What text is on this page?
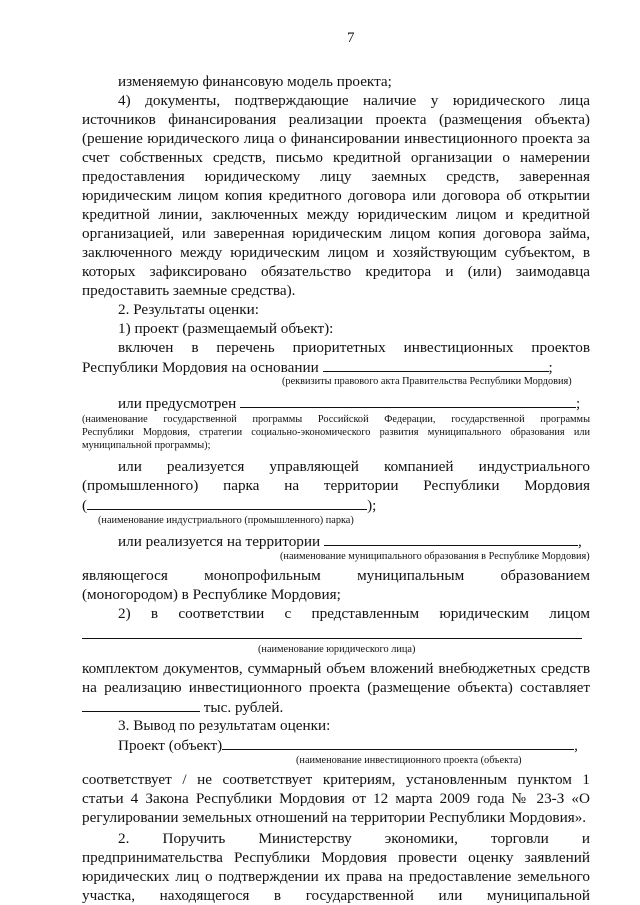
7
изменяемую финансовую модель проекта;
4) документы, подтверждающие наличие у юридического лица
источников финансирования реализации проекта (размещения объекта)
(решение юридического лица о финансировании инвестиционного проекта за
счет собственных средств, письмо кредитной организации о намерении
предоставления юридическому лицу заемных средств, заверенная
юридическим лицом копия кредитного договора или договора об открытии
кредитной линии, заключенных между юридическим лицом и кредитной
организацией, или заверенная юридическим лицом копия договора займа,
заключенного между юридическим лицом и хозяйствующим субъектом, в
которых зафиксировано обязательство кредитора и (или) заимодавца
предоставить заемные средства).
2. Результаты оценки:
1) проект (размещаемый объект):
включен в перечень приоритетных инвестиционных проектов
Республики Мордовия на основании	;
(реквизиты правового акта Правительства Республики Мордовия)
или предусмотрен	;
(наименование государственной программы Российской Федерации, государственной программы
Республики Мордовия, стратегии социально-экономического развития муниципального образования или
муниципальной программы);
или реализуется управляющей компанией индустриального
(промышленного) парка на территории Республики Мордовия
(	);
(наименование индустриального (промышленного) парка)
или реализуется на территории	,
(наименование муниципального образования в Республике Мордовия)
являющегося монопрофильным муниципальным образованием
(моногородом) в Республике Мордовия;
2) в соответствии с представленным юридическим лицом
(наименование юридического лица)
комплектом документов, суммарный объем вложений внебюджетных средств
на реализацию инвестиционного проекта (размещение объекта) составляет
тыс. рублей.
3. Вывод по результатам оценки:
Проект (объект)	,
(наименование инвестиционного проекта (объекта)
соответствует / не соответствует критериям, установленным пунктом 1
статьи 4 Закона Республики Мордовия от 12 марта 2009 года № 23-З «О
регулировании земельных отношений на территории Республики Мордовия».
2. Поручить Министерству экономики, торговли и
предпринимательства Республики Мордовия провести оценку заявлений
юридических лиц о подтверждении их права на предоставление земельного
участка, находящегося в государственной или муниципальной
